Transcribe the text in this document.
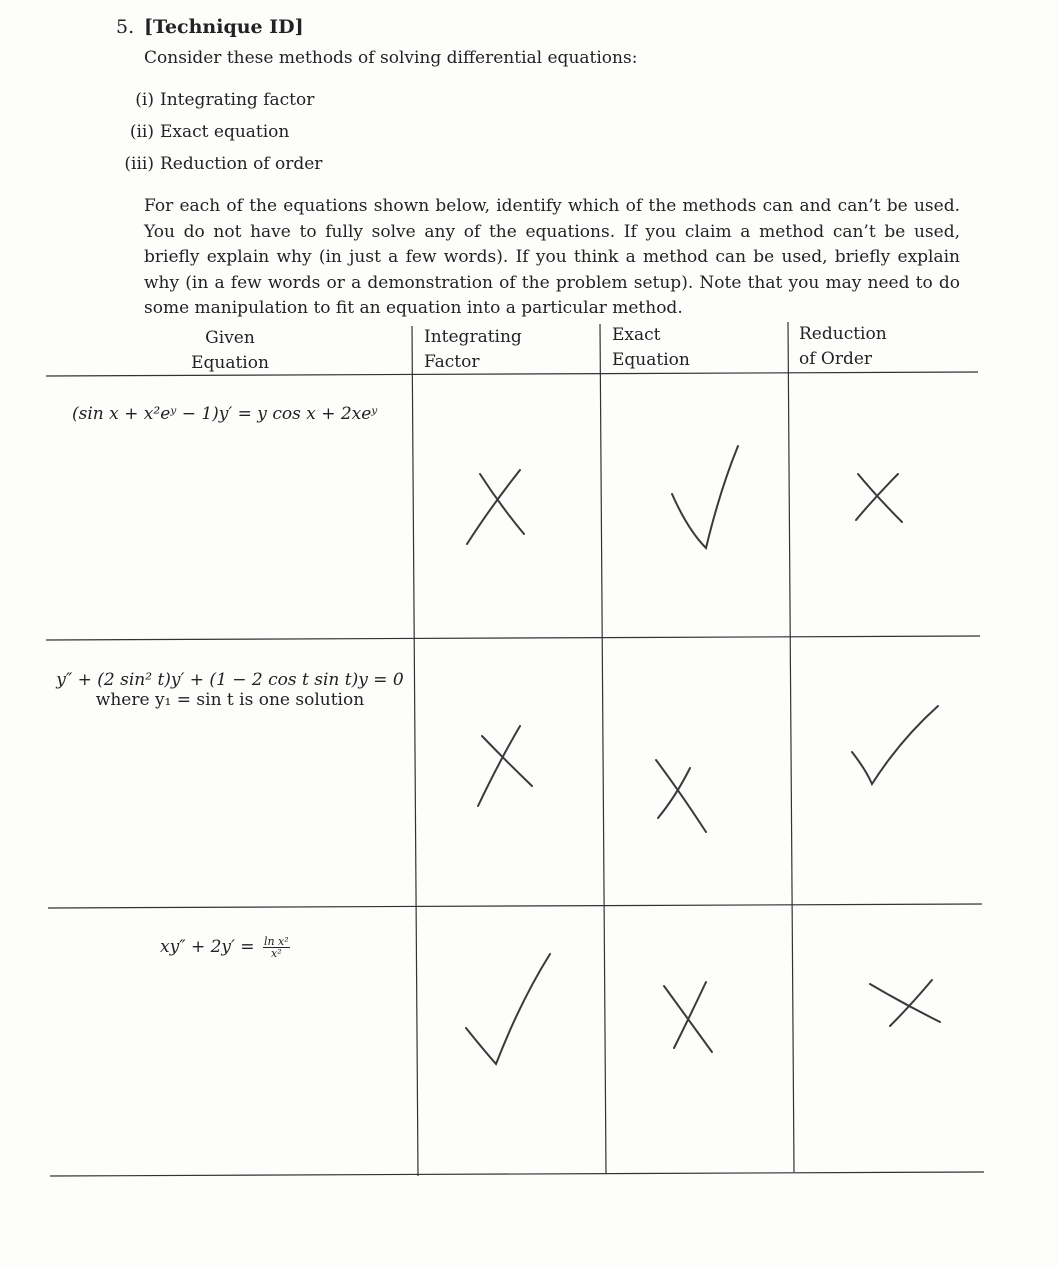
5. [Technique ID]
Consider these methods of solving differential equations:
(i) Integrating factor
(ii) Exact equation
(iii) Reduction of order
For each of the equations shown below, identify which of the methods can and can’t be used. You do not have to fully solve any of the equations. If you claim a method can’t be used, briefly explain why (in just a few words). If you think a method can be used, briefly explain why (in a few words or a demonstration of the problem setup). Note that you may need to do some manipulation to fit an equation into a particular method.
Given
Equation
Integrating
Factor
Exact
Equation
Reduction
of Order
(sin x + x²eʸ − 1)y′ = y cos x + 2xeʸ
y″ + (2 sin² t)y′ + (1 − 2 cos t sin t)y = 0
where y₁ = sin t is one solution
$xy'' + 2y' = \frac{\text{ln x²}}{\text{x²}}$
